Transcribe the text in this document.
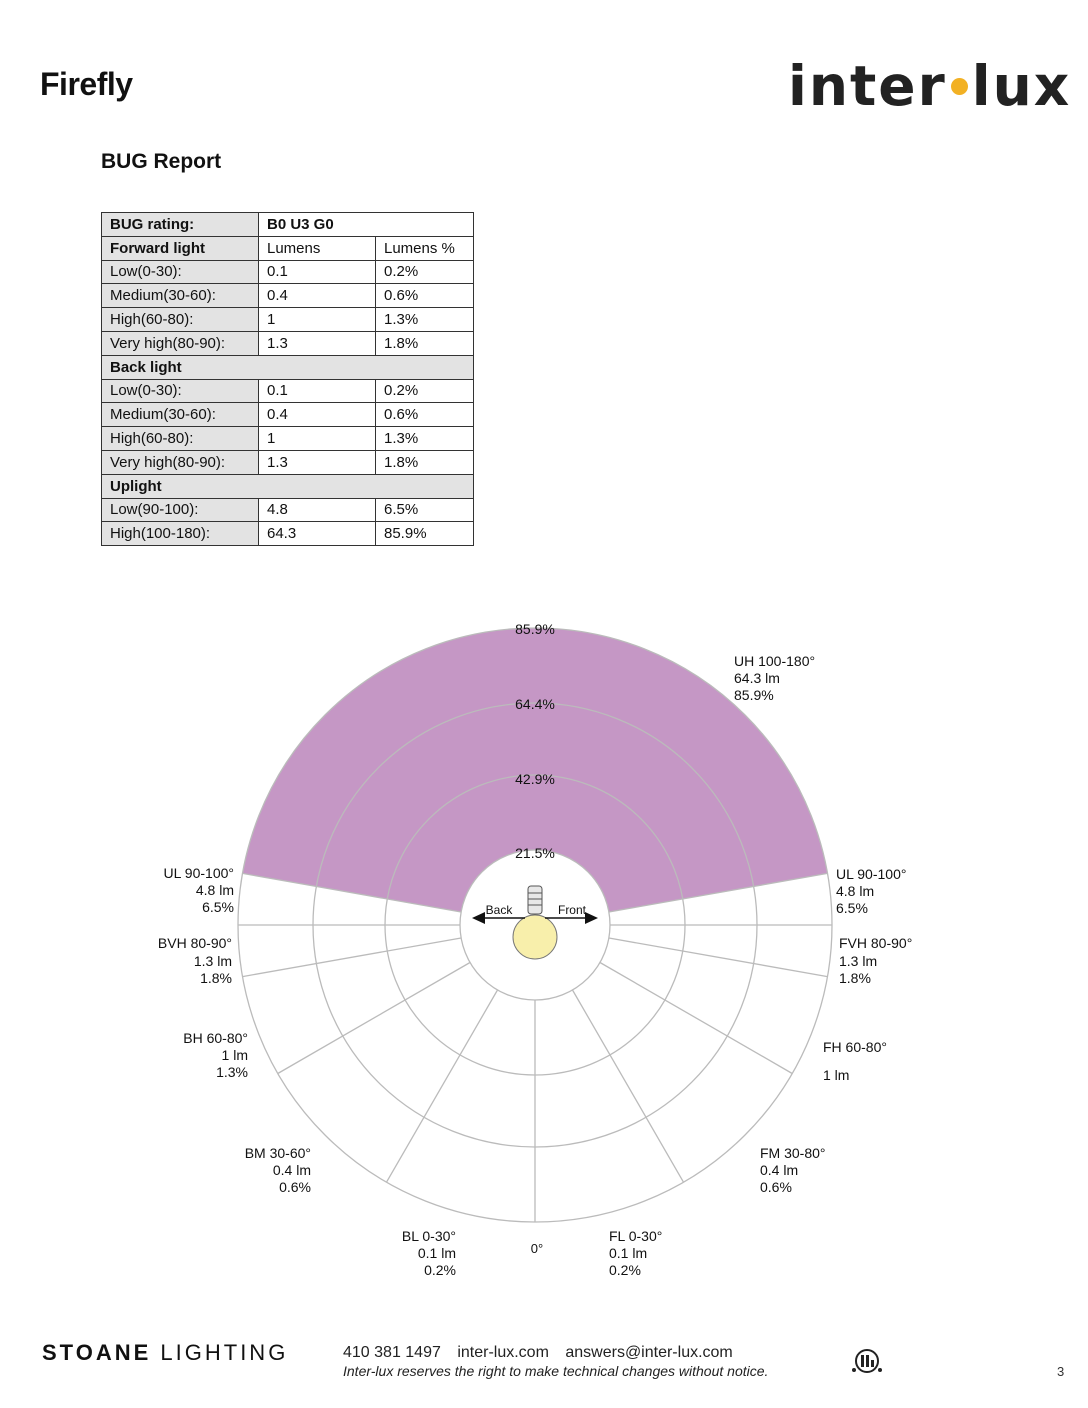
Firefly	inter lux
BUG Report
BUG rating:	B0 U3 G0	
Forward light	Lumens	Lumens %
Low(0-30):	0.1	0.2%
Medium(30-60):	0.4	0.6%
High(60-80):	1	1.3%
Very high(80-90):	1.3	1.8%
Back light		
Low(0-30):	0.1	0.2%
Medium(30-60):	0.4	0.6%
High(60-80):	1	1.3%
Very high(80-90):	1.3	1.8%
Uplight		
Low(90-100):	4.8	6.5%
High(100-180):	64.3	85.9%
85.9%
64.4%
42.9%
21.5%
Back	Front
0°
UH 100-180°
64.3 lm
85.9%
UL 90-100°
4.8 lm
6.5%
UL 90-100°
4.8 lm
6.5%
BVH 80-90°
1.3 lm
1.8%
FVH 80-90°
1.3 lm
1.8%
BH 60-80°
1 lm
1.3%
FH 60-80°
1 lm
BM 30-60°
0.4 lm
0.6%
FM 30-80°
0.4 lm
0.6%
BL 0-30°
0.1 lm
0.2%
FL 0-30°
0.1 lm
0.2%
STOANE LIGHTING	410 381 1497 inter-lux.com answers@inter-lux.com
Inter-lux reserves the right to make technical changes without notice.	3
